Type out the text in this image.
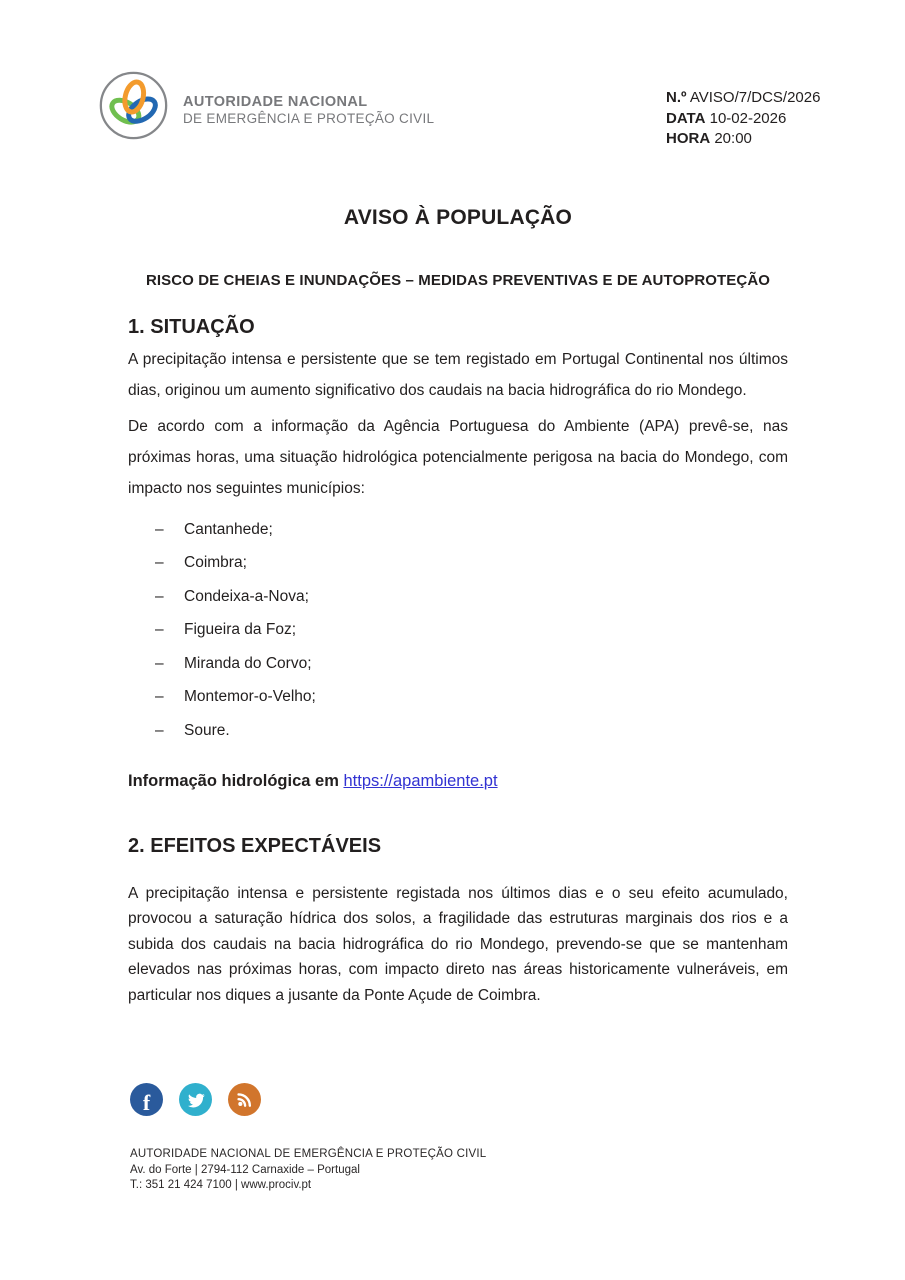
AUTORIDADE NACIONAL
DE EMERGÊNCIA E PROTEÇÃO CIVIL
N.º AVISO/7/DCS/2026
DATA 10-02-2026
HORA 20:00
AVISO À POPULAÇÃO
RISCO DE CHEIAS E INUNDAÇÕES – MEDIDAS PREVENTIVAS E DE AUTOPROTEÇÃO
1. SITUAÇÃO

A precipitação intensa e persistente que se tem registado em Portugal Continental nos últimos dias, originou um aumento significativo dos caudais na bacia hidrográfica do rio Mondego.

De acordo com a informação da Agência Portuguesa do Ambiente (APA) prevê-se, nas próximas horas, uma situação hidrológica potencialmente perigosa na bacia do Mondego, com impacto nos seguintes municípios:

–	Cantanhede;
–	Coimbra;
–	Condeixa-a-Nova;
–	Figueira da Foz;
–	Miranda do Corvo;
–	Montemor-o-Velho;
–	Soure.
Informação hidrológica em https://apambiente.pt
2. EFEITOS EXPECTÁVEIS

A precipitação intensa e persistente registada nos últimos dias e o seu efeito acumulado, provocou a saturação hídrica dos solos, a fragilidade das estruturas marginais dos rios e a subida dos caudais na bacia hidrográfica do rio Mondego, prevendo-se que se mantenham elevados nas próximas horas, com impacto direto nas áreas historicamente vulneráveis, em particular nos diques a jusante da Ponte Açude de Coimbra.

f
AUTORIDADE NACIONAL DE EMERGÊNCIA E PROTEÇÃO CIVIL
Av. do Forte | 2794-112 Carnaxide – Portugal
T.: 351 21 424 7100 | www.prociv.pt
